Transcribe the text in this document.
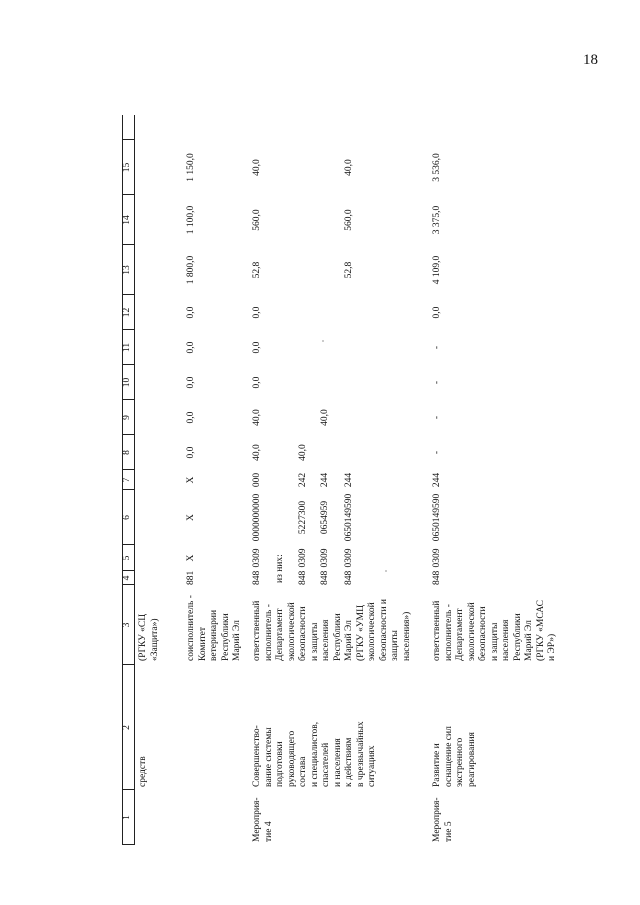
18
1
2
3
4
5
6
7
8
9
10
11
12
13
14
15
средств
(РГКУ «СЦ
«Защита»)	соисполнитель -
Комитет
ветеринарии
Республики
Марий Эл
881
X
X
X
0,0
0,0
0,0
0,0
0,0
1 800,0
1 100,0
1 150,0
Мероприя-
тие 4
Совершенство-
вание системы
подготовки
руководящего
состава
и специалистов,
спасателей
и населения
к действиям
в чрезвычайных
ситуациях
ответственный
исполнитель -
Департамент
экологической
безопасности
и защиты
населения
Республики
Марий Эл
(РГКУ «УМЦ
экологической
безопасности и
защиты
населения»)
848
0309
0000000000
000
40,0
40,0
0,0
0,0
0,0
52,8
560,0
40,0
из них: 848
0309
5227300
242
40,0
848
0309
0654959
244
40,0
848
0309
0650149590
244
52,8
560,0
40,0
Мероприя-
тие 5
Развитие и
оснащение сил
экстренного
реагирования
ответственный
исполнитель -
Департамент
экологической
безопасности
и защиты
населения
Республики
Марий Эл
(РГКУ «МСАС
и ЭР»)
848
0309
0650149590
244
-
-
-
-
0,0
4 109,0
3 375,0
3 536,0
